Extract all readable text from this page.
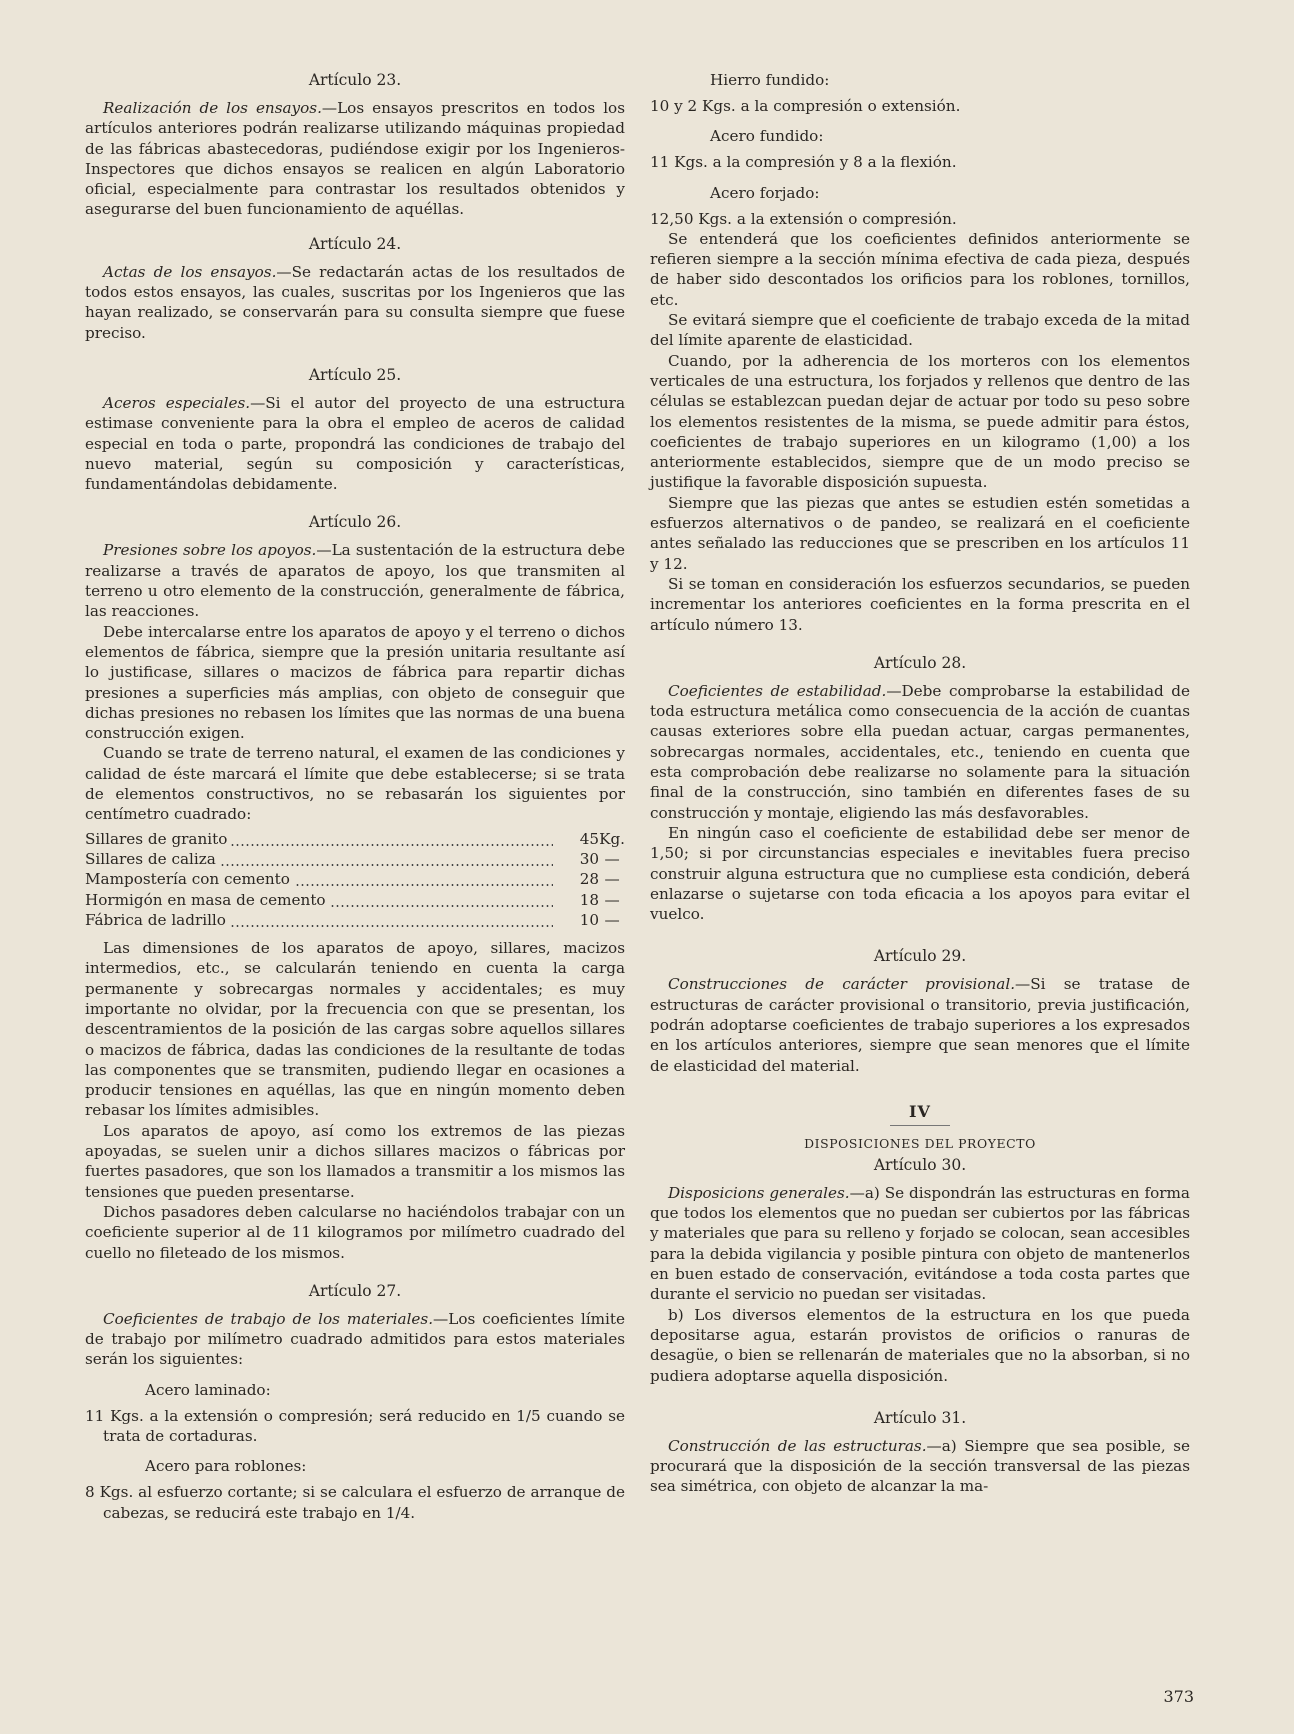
Artículo 23.

Realización de los ensayos.—Los ensayos prescritos en todos los artículos anteriores podrán realizarse utilizando máquinas propiedad de las fábricas abastecedoras, pudiéndose exigir por los Ingenieros-Inspectores que dichos ensayos se realicen en algún Laboratorio oficial, especialmente para contrastar los resultados obtenidos y asegurarse del buen funcionamiento de aquéllas.

Artículo 24.

Actas de los ensayos.—Se redactarán actas de los resultados de todos estos ensayos, las cuales, suscritas por los Ingenieros que las hayan realizado, se conservarán para su consulta siempre que fuese preciso.

Artículo 25.

Aceros especiales.—Si el autor del proyecto de una estructura estimase conveniente para la obra el empleo de aceros de calidad especial en toda o parte, propondrá las condiciones de trabajo del nuevo material, según su composición y características, fundamentándolas debidamente.

Artículo 26.

Presiones sobre los apoyos.—La sustentación de la estructura debe realizarse a través de aparatos de apoyo, los que transmiten al terreno u otro elemento de la construcción, generalmente de fábrica, las reacciones.

Debe intercalarse entre los aparatos de apoyo y el terreno o dichos elementos de fábrica, siempre que la presión unitaria resultante así lo justificase, sillares o macizos de fábrica para repartir dichas presiones a superficies más amplias, con objeto de conseguir que dichas presiones no rebasen los límites que las normas de una buena construcción exigen.

Cuando se trate de terreno natural, el examen de las condiciones y calidad de éste marcará el límite que debe establecerse; si se trata de elementos constructivos, no se rebasarán los siguientes por centímetro cuadrado:

Sillares de granito	45	Kg.
Sillares de caliza	30	—
Mampostería con cemento	28	—
Hormigón en masa de cemento	18	—
Fábrica de ladrillo	10	—

Las dimensiones de los aparatos de apoyo, sillares, macizos intermedios, etc., se calcularán teniendo en cuenta la carga permanente y sobrecargas normales y accidentales; es muy importante no olvidar, por la frecuencia con que se presentan, los descentramientos de la posición de las cargas sobre aquellos sillares o macizos de fábrica, dadas las condiciones de la resultante de todas las componentes que se transmiten, pudiendo llegar en ocasiones a producir tensiones en aquéllas, las que en ningún momento deben rebasar los límites admisibles.

Los aparatos de apoyo, así como los extremos de las piezas apoyadas, se suelen unir a dichos sillares macizos o fábricas por fuertes pasadores, que son los llamados a transmitir a los mismos las tensiones que pueden presentarse.

Dichos pasadores deben calcularse no haciéndolos trabajar con un coeficiente superior al de 11 kilogramos por milímetro cuadrado del cuello no fileteado de los mismos.

Artículo 27.

Coeficientes de trabajo de los materiales.—Los coeficientes límite de trabajo por milímetro cuadrado admitidos para estos materiales serán los siguientes:

Acero laminado:

11 Kgs. a la extensión o compresión; será reducido en 1/5 cuando se trata de cortaduras.

Acero para roblones:

8 Kgs. al esfuerzo cortante; si se calculara el esfuerzo de arranque de cabezas, se reducirá este trabajo en 1/4.

Hierro fundido:

10 y 2 Kgs. a la compresión o extensión.

Acero fundido:

11 Kgs. a la compresión y 8 a la flexión.

Acero forjado:

12,50 Kgs. a la extensión o compresión.

Se entenderá que los coeficientes definidos anteriormente se refieren siempre a la sección mínima efectiva de cada pieza, después de haber sido descontados los orificios para los roblones, tornillos, etc.

Se evitará siempre que el coeficiente de trabajo exceda de la mitad del límite aparente de elasticidad.

Cuando, por la adherencia de los morteros con los elementos verticales de una estructura, los forjados y rellenos que dentro de las células se establezcan puedan dejar de actuar por todo su peso sobre los elementos resistentes de la misma, se puede admitir para éstos, coeficientes de trabajo superiores en un kilogramo (1,00) a los anteriormente establecidos, siempre que de un modo preciso se justifique la favorable disposición supuesta.

Siempre que las piezas que antes se estudien estén sometidas a esfuerzos alternativos o de pandeo, se realizará en el coeficiente antes señalado las reducciones que se prescriben en los artículos 11 y 12.

Si se toman en consideración los esfuerzos secundarios, se pueden incrementar los anteriores coeficientes en la forma prescrita en el artículo número 13.

Artículo 28.

Coeficientes de estabilidad.—Debe comprobarse la estabilidad de toda estructura metálica como consecuencia de la acción de cuantas causas exteriores sobre ella puedan actuar, cargas permanentes, sobrecargas normales, accidentales, etc., teniendo en cuenta que esta comprobación debe realizarse no solamente para la situación final de la construcción, sino también en diferentes fases de su construcción y montaje, eligiendo las más desfavorables.

En ningún caso el coeficiente de estabilidad debe ser menor de 1,50; si por circunstancias especiales e inevitables fuera preciso construir alguna estructura que no cumpliese esta condición, deberá enlazarse o sujetarse con toda eficacia a los apoyos para evitar el vuelco.

Artículo 29.

Construcciones de carácter provisional.—Si se tratase de estructuras de carácter provisional o transitorio, previa justificación, podrán adoptarse coeficientes de trabajo superiores a los expresados en los artículos anteriores, siempre que sean menores que el límite de elasticidad del material.

IV

DISPOSICIONES DEL PROYECTO

Artículo 30.

Disposicions generales.—a) Se dispondrán las estructuras en forma que todos los elementos que no puedan ser cubiertos por las fábricas y materiales que para su relleno y forjado se colocan, sean accesibles para la debida vigilancia y posible pintura con objeto de mantenerlos en buen estado de conservación, evitándose a toda costa partes que durante el servicio no puedan ser visitadas.

b) Los diversos elementos de la estructura en los que pueda depositarse agua, estarán provistos de orificios o ranuras de desagüe, o bien se rellenarán de materiales que no la absorban, si no pudiera adoptarse aquella disposición.

Artículo 31.

Construcción de las estructuras.—a) Siempre que sea posible, se procurará que la disposición de la sección transversal de las piezas sea simétrica, con objeto de alcanzar la ma-

373
